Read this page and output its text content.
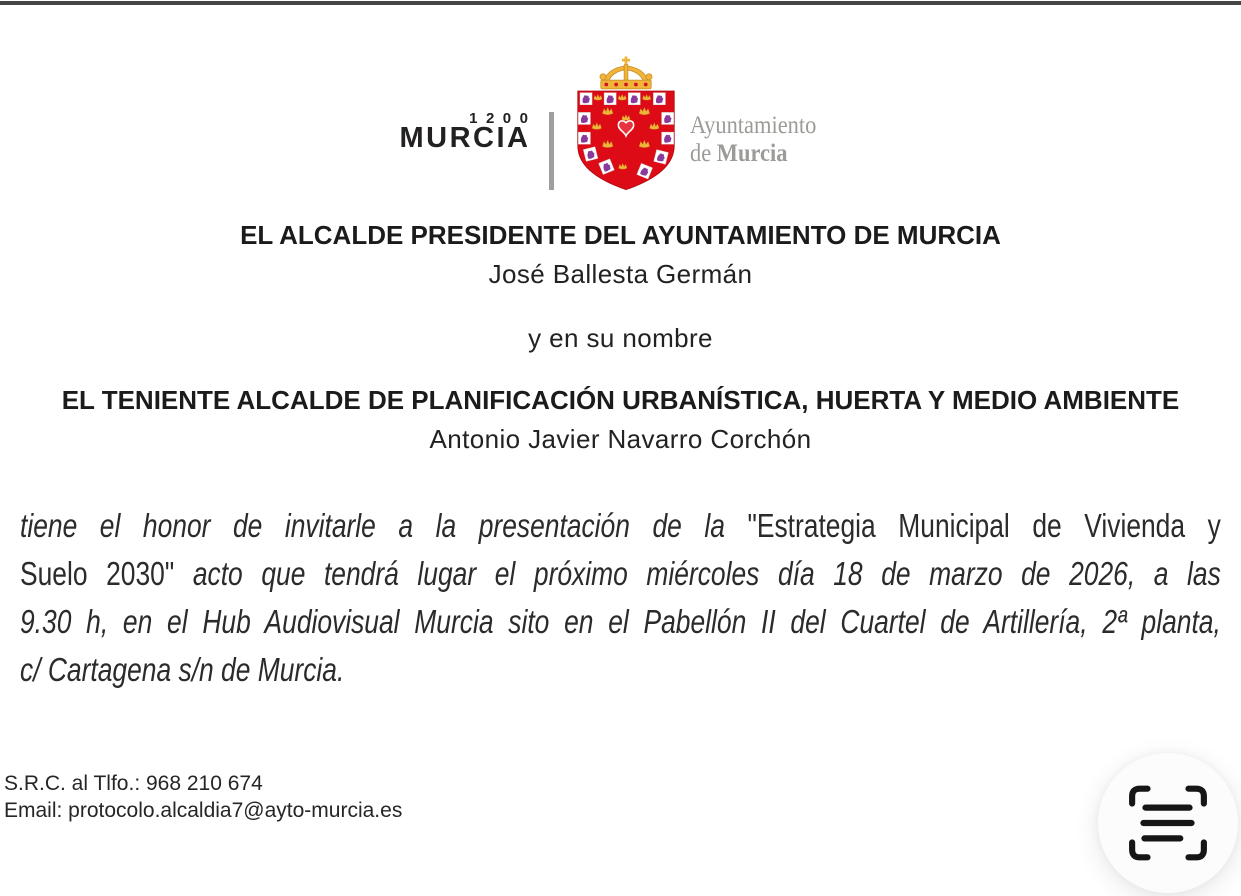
1200
MURCIA	Ayuntamiento
de Murcia
EL ALCALDE PRESIDENTE DEL AYUNTAMIENTO DE MURCIA
José Ballesta Germán
y en su nombre
EL TENIENTE ALCALDE DE PLANIFICACIÓN URBANÍSTICA, HUERTA Y MEDIO AMBIENTE
Antonio Javier Navarro Corchón
tiene el honor de invitarle a la presentación de la "Estrategia Municipal de Vivienda y
Suelo 2030" acto que tendrá lugar el próximo miércoles día 18 de marzo de 2026, a las
9.30 h, en el Hub Audiovisual Murcia sito en el Pabellón II del Cuartel de Artillería, 2ª planta,
c/ Cartagena s/n de Murcia.
S.R.C. al Tlfo.: 968 210 674
Email: protocolo.alcaldia7@ayto-murcia.es
